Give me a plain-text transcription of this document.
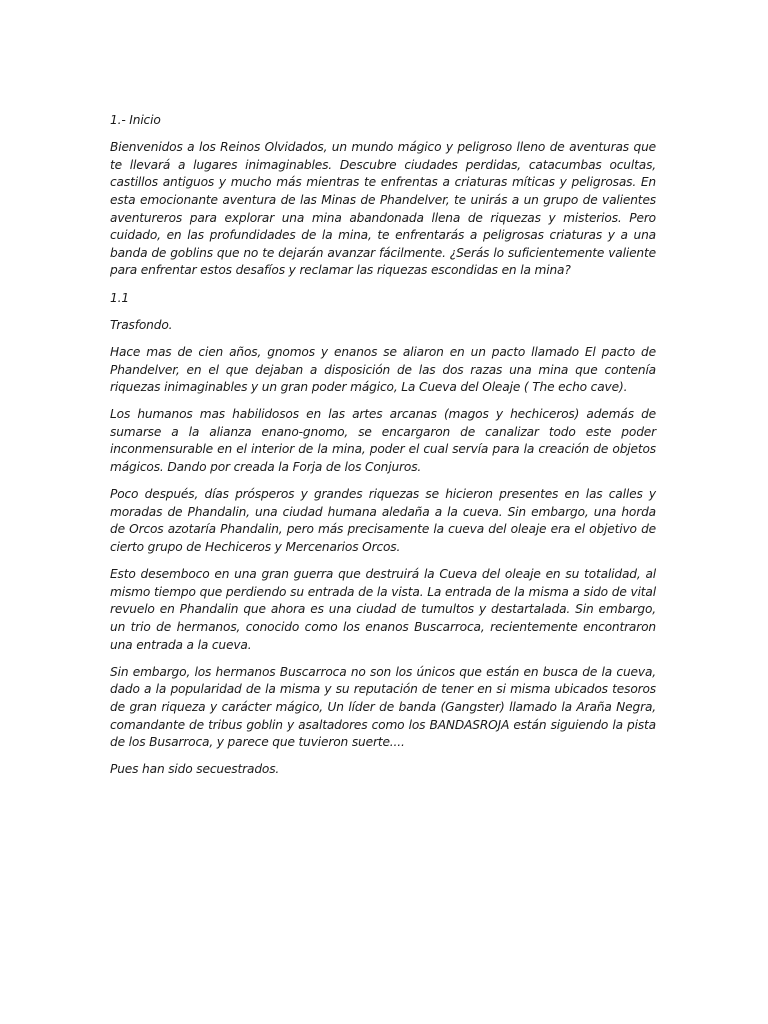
1.- Inicio

Bienvenidos a los Reinos Olvidados, un mundo mágico y peligroso lleno de aventuras que te llevará a lugares inimaginables. Descubre ciudades perdidas, catacumbas ocultas, castillos antiguos y mucho más mientras te enfrentas a criaturas míticas y peligrosas. En esta emocionante aventura de las Minas de Phandelver, te unirás a un grupo de valientes aventureros para explorar una mina abandonada llena de riquezas y misterios. Pero cuidado, en las profundidades de la mina, te enfrentarás a peligrosas criaturas y a una banda de goblins que no te dejarán avanzar fácilmente. ¿Serás lo suficientemente valiente para enfrentar estos desafíos y reclamar las riquezas escondidas en la mina?

1.1

Trasfondo.

Hace mas de cien años, gnomos y enanos se aliaron en un pacto llamado El pacto de Phandelver, en el que dejaban a disposición de las dos razas una mina que contenía riquezas inimaginables y un gran poder mágico, La Cueva del Oleaje ( The echo cave).

Los humanos mas habilidosos en las artes arcanas (magos y hechiceros) además de sumarse a la alianza enano-gnomo, se encargaron de canalizar todo este poder inconmensurable en el interior de la mina, poder el cual servía para la creación de objetos mágicos. Dando por creada la Forja de los Conjuros.

Poco después, días prósperos y grandes riquezas se hicieron presentes en las calles y moradas de Phandalin, una ciudad humana aledaña a la cueva. Sin embargo, una horda de Orcos azotaría Phandalin, pero más precisamente la cueva del oleaje era el objetivo de cierto grupo de Hechiceros y Mercenarios Orcos.

Esto desemboco en una gran guerra que destruirá la Cueva del oleaje en su totalidad, al mismo tiempo que perdiendo su entrada de la vista. La entrada de la misma a sido de vital revuelo en Phandalin que ahora es una ciudad de tumultos y destartalada. Sin embargo, un trio de hermanos, conocido como los enanos Buscarroca, recientemente encontraron una entrada a la cueva.

Sin embargo, los hermanos Buscarroca no son los únicos que están en busca de la cueva, dado a la popularidad de la misma y su reputación de tener en si misma ubicados tesoros de gran riqueza y carácter mágico, Un líder de banda (Gangster) llamado la Araña Negra, comandante de tribus goblin y asaltadores como los BANDASROJA están siguiendo la pista de los Busarroca, y parece que tuvieron suerte....

Pues han sido secuestrados.
